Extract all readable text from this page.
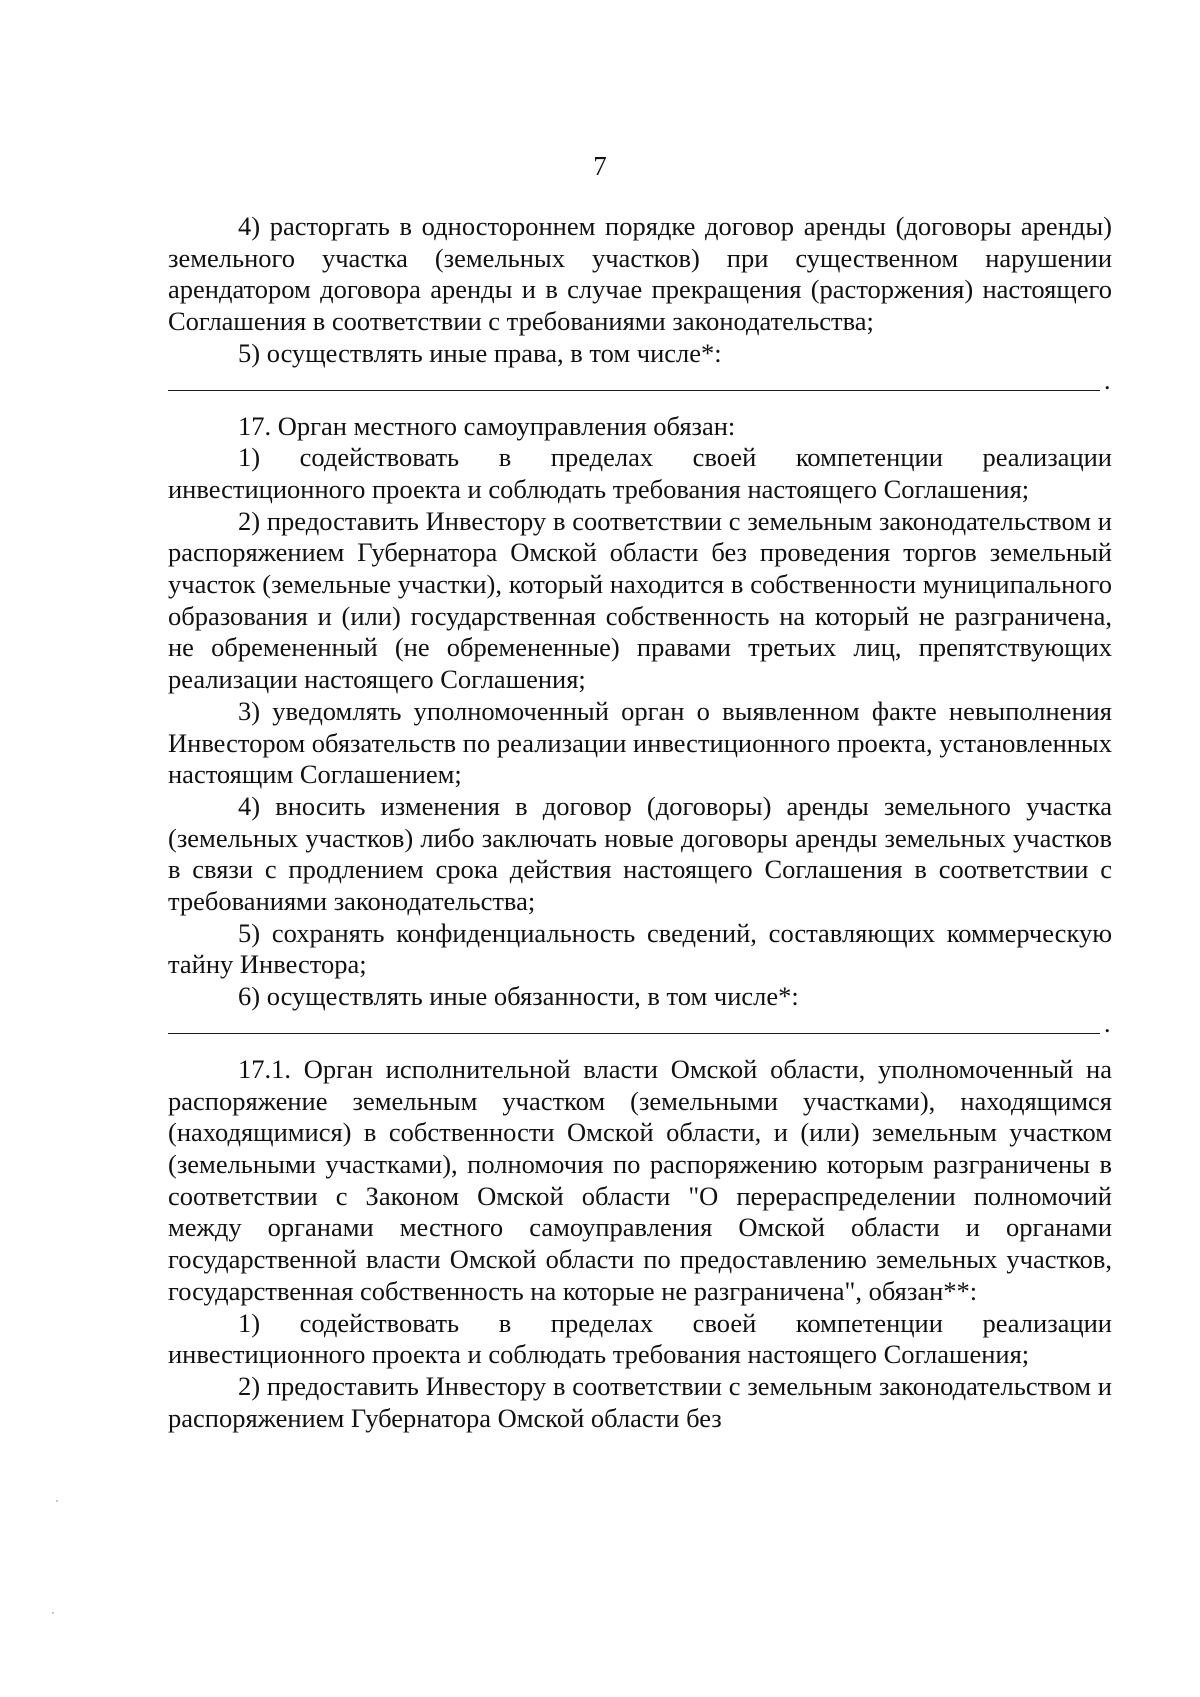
7

4) расторгать в одностороннем порядке договор аренды (договоры аренды) земельного участка (земельных участков) при существенном нарушении арендатором договора аренды и в случае прекращения (расторжения) настоящего Соглашения в соответствии с требованиями законодательства;

5) осуществлять иные права, в том числе*:

.

17. Орган местного самоуправления обязан:

1) содействовать в пределах своей компетенции реализации инвестиционного проекта и соблюдать требования настоящего Соглашения;

2) предоставить Инвестору в соответствии с земельным законодательством и распоряжением Губернатора Омской области без проведения торгов земельный участок (земельные участки), который находится в собственности муниципального образования и (или) государственная собственность на который не разграничена, не обремененный (не обремененные) правами третьих лиц, препятствующих реализации настоящего Соглашения;

3) уведомлять уполномоченный орган о выявленном факте невыполнения Инвестором обязательств по реализации инвестиционного проекта, установленных настоящим Соглашением;

4) вносить изменения в договор (договоры) аренды земельного участка (земельных участков) либо заключать новые договоры аренды земельных участков в связи с продлением срока действия настоящего Соглашения в соответствии с требованиями законодательства;

5) сохранять конфиденциальность сведений, составляющих коммерческую тайну Инвестора;

6) осуществлять иные обязанности, в том числе*:

.

17.1. Орган исполнительной власти Омской области, уполномоченный на распоряжение земельным участком (земельными участками), находящимся (находящимися) в собственности Омской области, и (или) земельным участком (земельными участками), полномочия по распоряжению которым разграничены в соответствии с Законом Омской области "О перераспределении полномочий между органами местного самоуправления Омской области и органами государственной власти Омской области по предоставлению земельных участков, государственная собственность на которые не разграничена", обязан**:

1) содействовать в пределах своей компетенции реализации инвестиционного проекта и соблюдать требования настоящего Соглашения;

2) предоставить Инвестору в соответствии с земельным законодательством и распоряжением Губернатора Омской области без
